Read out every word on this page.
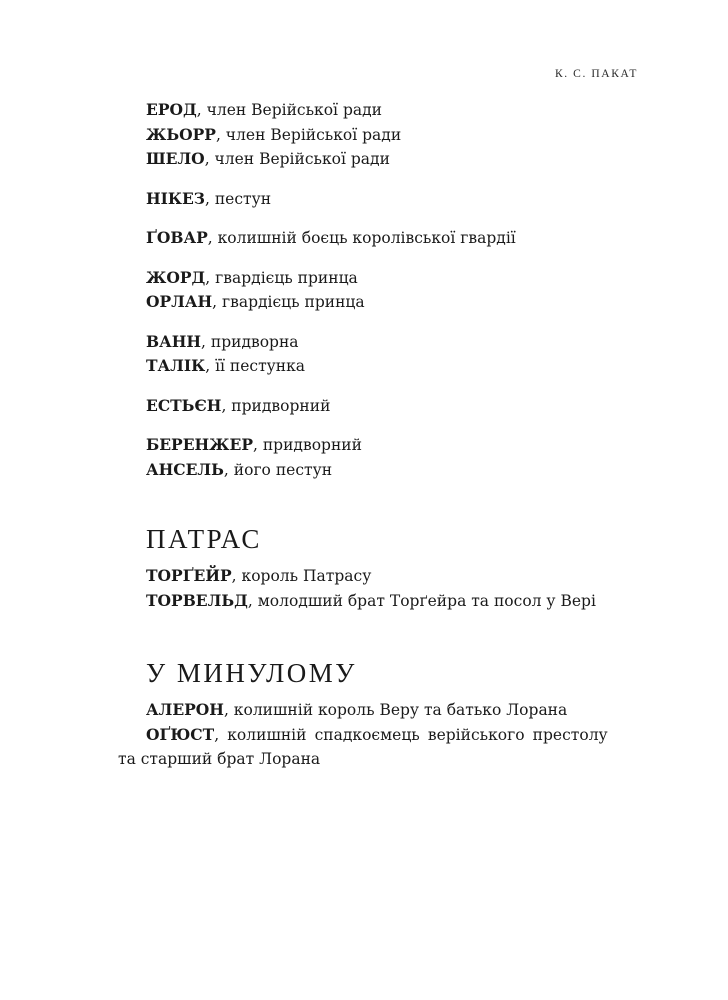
К. С. ПАКАТ
ЕРОД, член Верійської ради
ЖЬОРР, член Верійської ради
ШЕЛО, член Верійської ради
НІКЕЗ, пестун
ҐОВАР, колишній боєць королівської гвардії
ЖОРД, гвардієць принца
ОРЛАН, гвардієць принца
ВАНН, придворна
ТАЛІК, її пестунка
ЕСТЬЄН, придворний
БЕРЕНЖЕР, придворний
АНСЕЛЬ, його пестун
ПАТРАС
ТОРҐЕЙР, король Патрасу
ТОРВЕЛЬД, молодший брат Торґейра та посол у Вері
У МИНУЛОМУ
АЛЕРОН, колишній король Веру та батько Лорана
ОҐЮСТ, колишній спадкоємець верійського престолу
та старший брат Лорана
